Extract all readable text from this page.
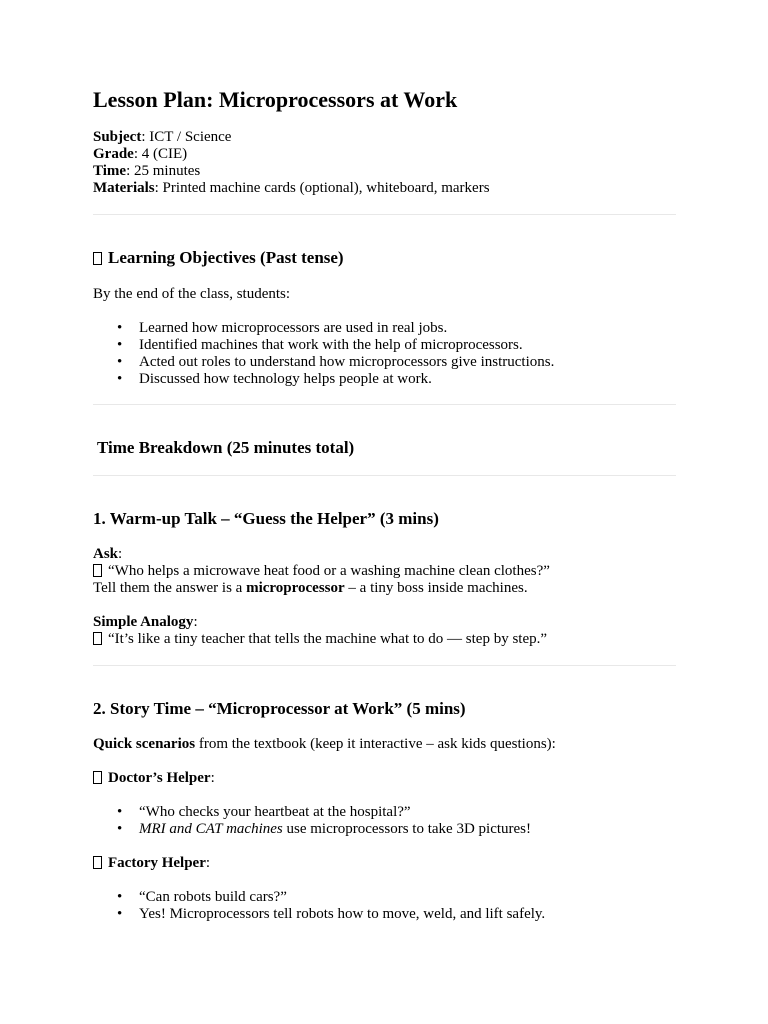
Lesson Plan: Microprocessors at Work

Subject: ICT / Science

Grade: 4 (CIE)

Time: 25 minutes

Materials: Printed machine cards (optional), whiteboard, markers

Learning Objectives (Past tense)

By the end of the class, students:

• Learned how microprocessors are used in real jobs.
• Identified machines that work with the help of microprocessors.
• Acted out roles to understand how microprocessors give instructions.
• Discussed how technology helps people at work.
Time Breakdown (25 minutes total)
1. Warm-up Talk – “Guess the Helper” (3 mins)

Ask:

“Who helps a microwave heat food or a washing machine clean clothes?”

Tell them the answer is a microprocessor – a tiny boss inside machines.

Simple Analogy:

“It’s like a tiny teacher that tells the machine what to do — step by step.”

2. Story Time – “Microprocessor at Work” (5 mins)

Quick scenarios from the textbook (keep it interactive – ask kids questions):

Doctor’s Helper:

• “Who checks your heartbeat at the hospital?”
• MRI and CAT machines use microprocessors to take 3D pictures!

Factory Helper:

• “Can robots build cars?”
• Yes! Microprocessors tell robots how to move, weld, and lift safely.
